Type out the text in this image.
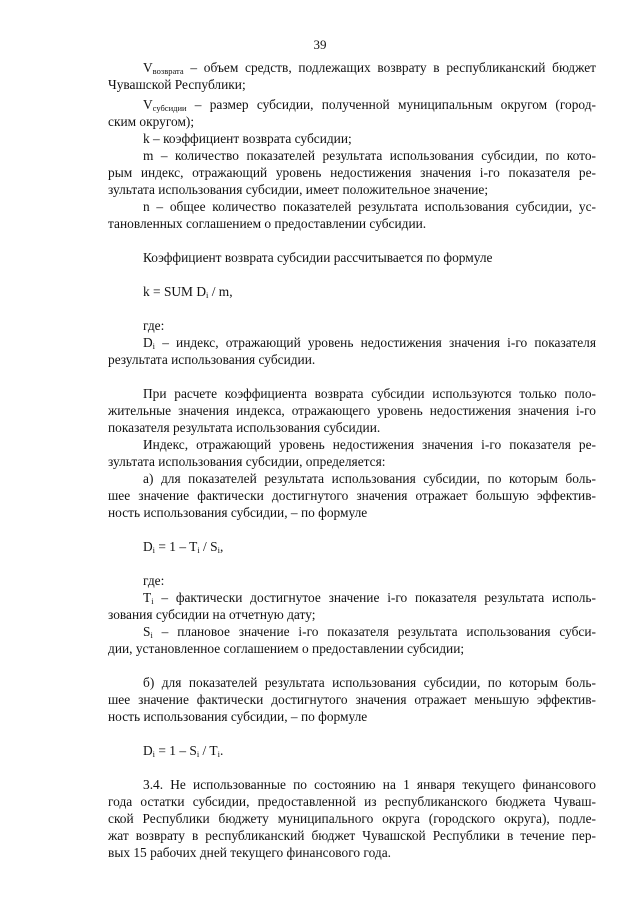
39
$V_{возврата}$ – объем средств, подлежащих возврату в республиканский бюджет
Чувашской Республики;
$V_{субсидии}$ – размер субсидии, полученной муниципальным округом (город-
ским округом);
k – коэффициент возврата субсидии;
m – количество показателей результата использования субсидии, по кото-
рым индекс, отражающий уровень недостижения значения i-го показателя ре-
зультата использования субсидии, имеет положительное значение;
n – общее количество показателей результата использования субсидии, ус-
тановленных соглашением о предоставлении субсидии.
Коэффициент возврата субсидии рассчитывается по формуле
k = SUM $D_i$ / m,
где:
$D_i$ – индекс, отражающий уровень недостижения значения i-го показателя
результата использования субсидии.
При расчете коэффициента возврата субсидии используются только поло-
жительные значения индекса, отражающего уровень недостижения значения i-го
показателя результата использования субсидии.
Индекс, отражающий уровень недостижения значения i-го показателя ре-
зультата использования субсидии, определяется:
а) для показателей результата использования субсидии, по которым боль-
шее значение фактически достигнутого значения отражает большую эффектив-
ность использования субсидии, – по формуле
$D_i = 1 - T_i / S_i$,
где:
$T_i$ – фактически достигнутое значение i-го показателя результата исполь-
зования субсидии на отчетную дату;
$S_i$ – плановое значение i-го показателя результата использования субси-
дии, установленное соглашением о предоставлении субсидии;
б) для показателей результата использования субсидии, по которым боль-
шее значение фактически достигнутого значения отражает меньшую эффектив-
ность использования субсидии, – по формуле
$D_i = 1 - S_i / T_i$.
3.4. Не использованные по состоянию на 1 января текущего финансового
года остатки субсидии, предоставленной из республиканского бюджета Чуваш-
ской Республики бюджету муниципального округа (городского округа), подле-
жат возврату в республиканский бюджет Чувашской Республики в течение пер-
вых 15 рабочих дней текущего финансового года.
